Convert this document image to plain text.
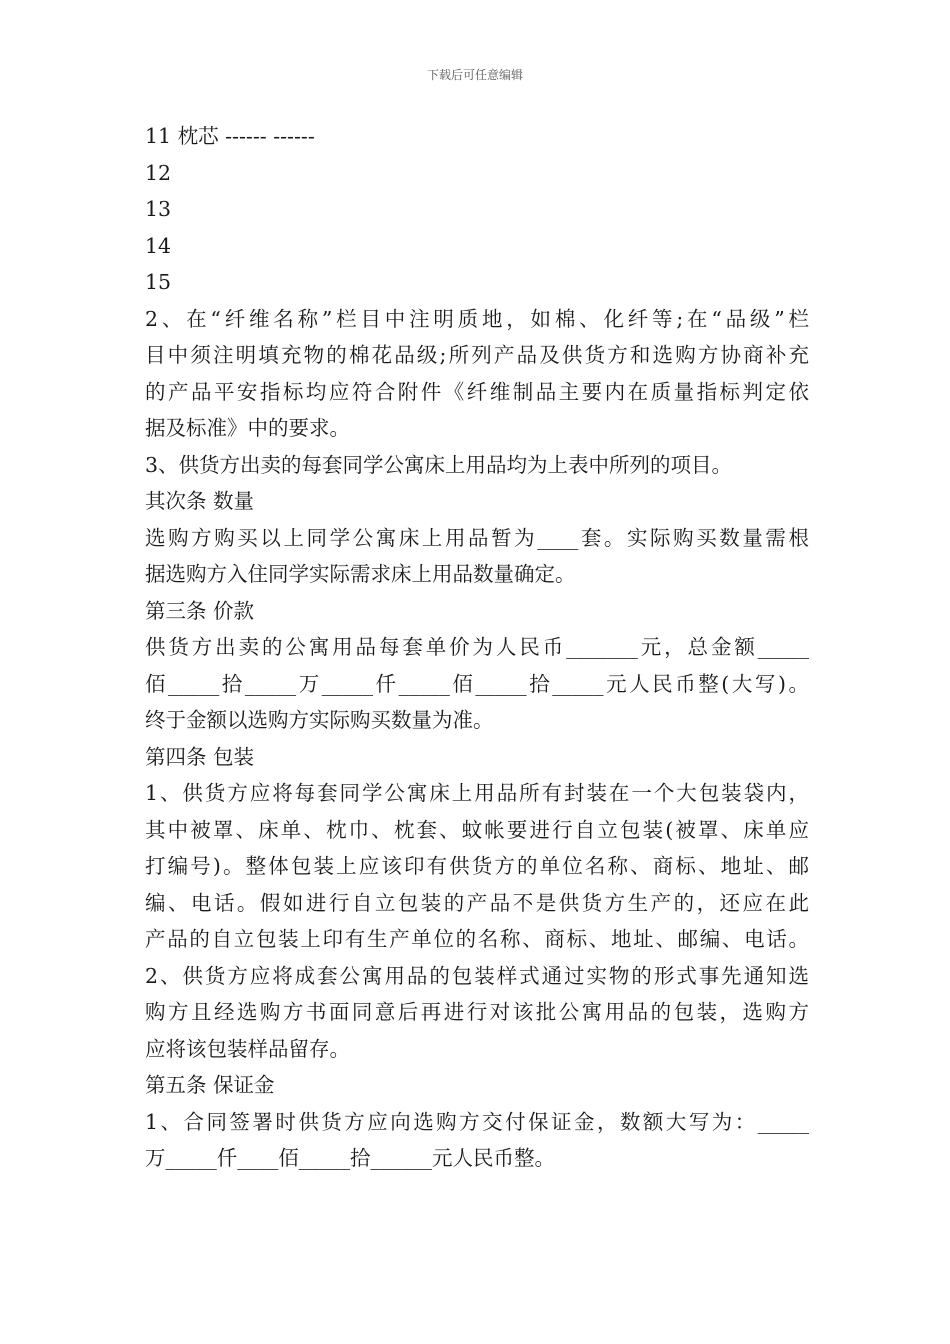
下载后可任意编辑
11 枕芯 ------ ------
12
13
14
15
2、在“纤维名称”栏目中注明质地，如棉、化纤等;在“品级”栏
目中须注明填充物的棉花品级;所列产品及供货方和选购方协商补充
的产品平安指标均应符合附件《纤维制品主要内在质量指标判定依
据及标准》中的要求。
3、供货方出卖的每套同学公寓床上用品均为上表中所列的项目。
其次条 数量
选购方购买以上同学公寓床上用品暂为____套。实际购买数量需根
据选购方入住同学实际需求床上用品数量确定。
第三条 价款
供货方出卖的公寓用品每套单价为人民币_______元，总金额_____
佰_____拾_____万_____仟_____佰_____拾_____元人民币整(大写)。
终于金额以选购方实际购买数量为准。
第四条 包装
1、供货方应将每套同学公寓床上用品所有封装在一个大包装袋内，
其中被罩、床单、枕巾、枕套、蚊帐要进行自立包装(被罩、床单应
打编号)。整体包装上应该印有供货方的单位名称、商标、地址、邮
编、电话。假如进行自立包装的产品不是供货方生产的，还应在此
产品的自立包装上印有生产单位的名称、商标、地址、邮编、电话。
2、供货方应将成套公寓用品的包装样式通过实物的形式事先通知选
购方且经选购方书面同意后再进行对该批公寓用品的包装，选购方
应将该包装样品留存。
第五条 保证金
1、合同签署时供货方应向选购方交付保证金，数额大写为：_____
万_____仟____佰_____拾______元人民币整。
